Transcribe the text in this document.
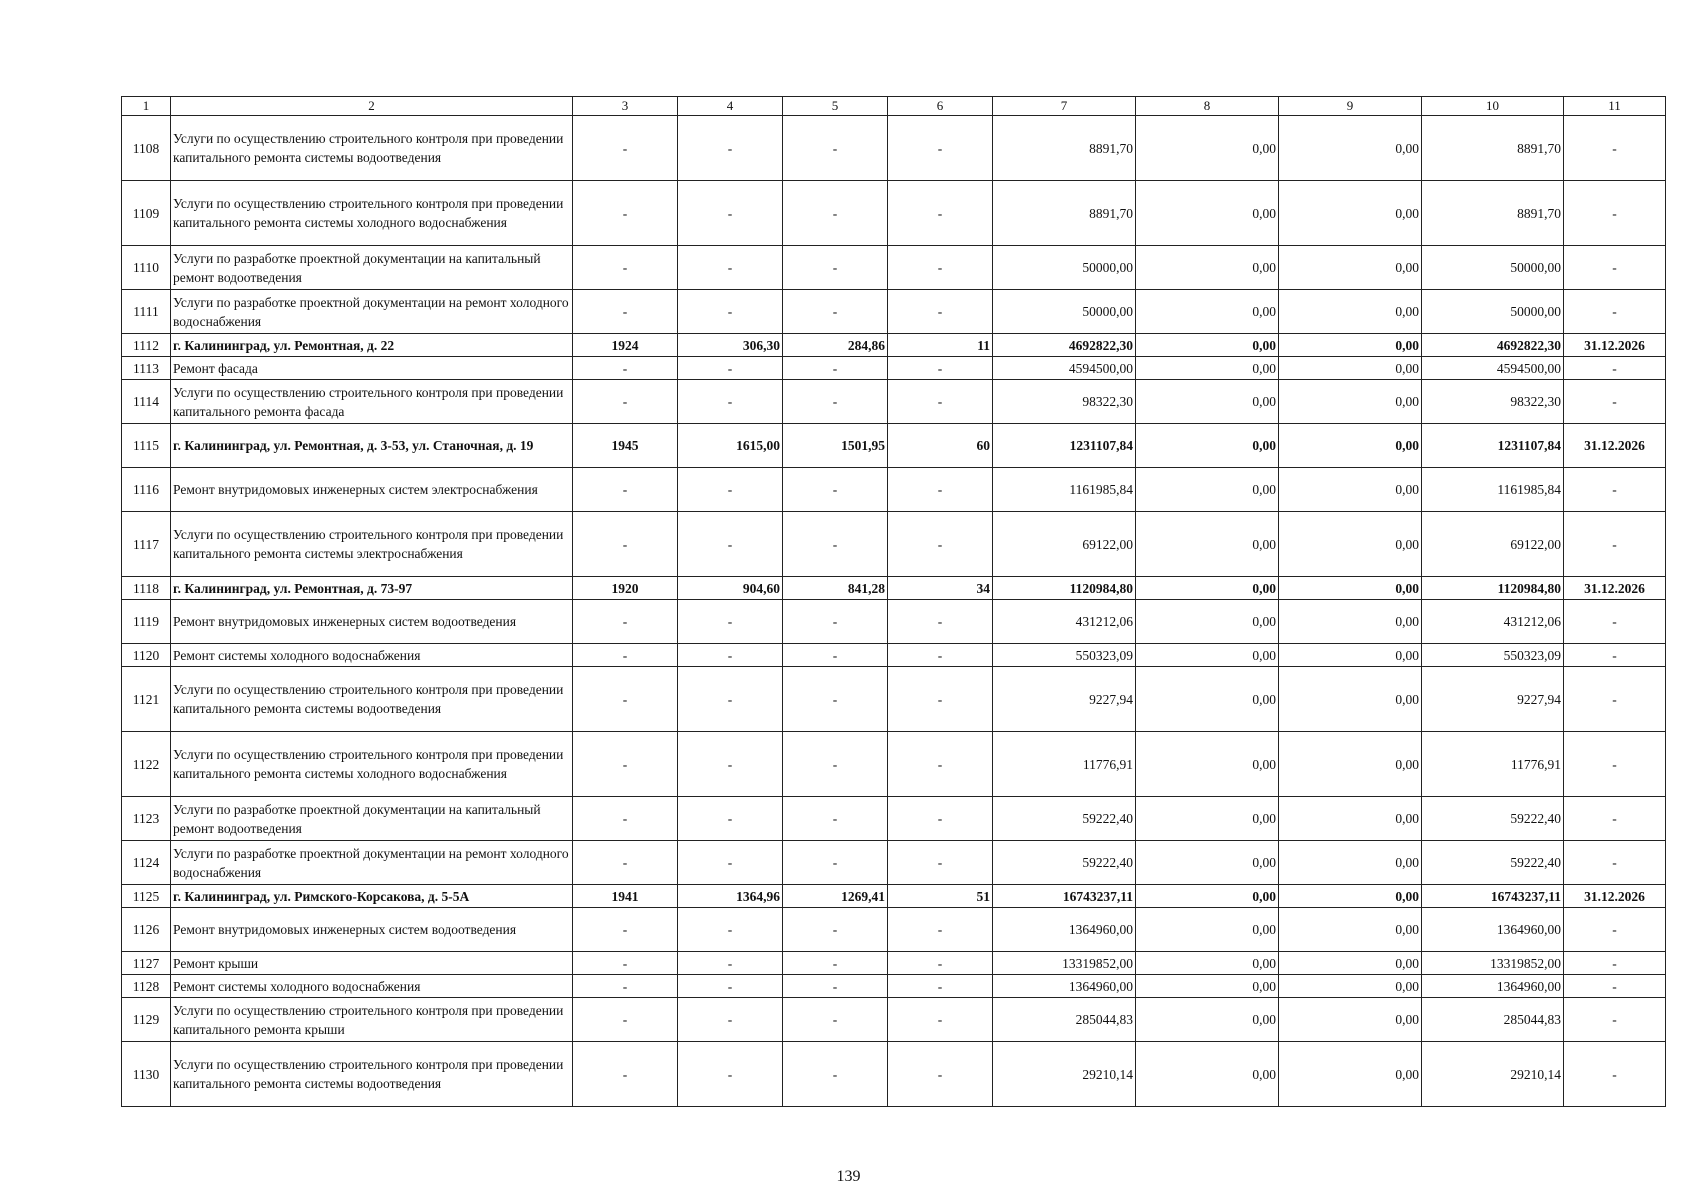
1	2	3	4	5	6	7	8	9	10	11
1108	Услуги по осуществлению строительного контроля при проведении капитального ремонта системы водоотведения	-	-	-	-	8891,70	0,00	0,00	8891,70	-
1109	Услуги по осуществлению строительного контроля при проведении капитального ремонта системы холодного водоснабжения	-	-	-	-	8891,70	0,00	0,00	8891,70	-
1110	Услуги по разработке проектной документации на капитальный ремонт водоотведения	-	-	-	-	50000,00	0,00	0,00	50000,00	-
1111	Услуги по разработке проектной документации на ремонт холодного водоснабжения	-	-	-	-	50000,00	0,00	0,00	50000,00	-
1112	г. Калининград, ул. Ремонтная, д. 22	1924	306,30	284,86	11	4692822,30	0,00	0,00	4692822,30	31.12.2026
1113	Ремонт фасада	-	-	-	-	4594500,00	0,00	0,00	4594500,00	-
1114	Услуги по осуществлению строительного контроля при проведении капитального ремонта фасада	-	-	-	-	98322,30	0,00	0,00	98322,30	-
1115	г. Калининград, ул. Ремонтная, д. 3-53, ул. Станочная, д. 19	1945	1615,00	1501,95	60	1231107,84	0,00	0,00	1231107,84	31.12.2026
1116	Ремонт внутридомовых инженерных систем электроснабжения	-	-	-	-	1161985,84	0,00	0,00	1161985,84	-
1117	Услуги по осуществлению строительного контроля при проведении капитального ремонта системы электроснабжения	-	-	-	-	69122,00	0,00	0,00	69122,00	-
1118	г. Калининград, ул. Ремонтная, д. 73-97	1920	904,60	841,28	34	1120984,80	0,00	0,00	1120984,80	31.12.2026
1119	Ремонт внутридомовых инженерных систем водоотведения	-	-	-	-	431212,06	0,00	0,00	431212,06	-
1120	Ремонт системы холодного водоснабжения	-	-	-	-	550323,09	0,00	0,00	550323,09	-
1121	Услуги по осуществлению строительного контроля при проведении капитального ремонта системы водоотведения	-	-	-	-	9227,94	0,00	0,00	9227,94	-
1122	Услуги по осуществлению строительного контроля при проведении капитального ремонта системы холодного водоснабжения	-	-	-	-	11776,91	0,00	0,00	11776,91	-
1123	Услуги по разработке проектной документации на капитальный ремонт водоотведения	-	-	-	-	59222,40	0,00	0,00	59222,40	-
1124	Услуги по разработке проектной документации на ремонт холодного водоснабжения	-	-	-	-	59222,40	0,00	0,00	59222,40	-
1125	г. Калининград, ул. Римского-Корсакова, д. 5-5А	1941	1364,96	1269,41	51	16743237,11	0,00	0,00	16743237,11	31.12.2026
1126	Ремонт внутридомовых инженерных систем водоотведения	-	-	-	-	1364960,00	0,00	0,00	1364960,00	-
1127	Ремонт крыши	-	-	-	-	13319852,00	0,00	0,00	13319852,00	-
1128	Ремонт системы холодного водоснабжения	-	-	-	-	1364960,00	0,00	0,00	1364960,00	-
1129	Услуги по осуществлению строительного контроля при проведении капитального ремонта крыши	-	-	-	-	285044,83	0,00	0,00	285044,83	-
1130	Услуги по осуществлению строительного контроля при проведении капитального ремонта системы водоотведения	-	-	-	-	29210,14	0,00	0,00	29210,14	-
139
